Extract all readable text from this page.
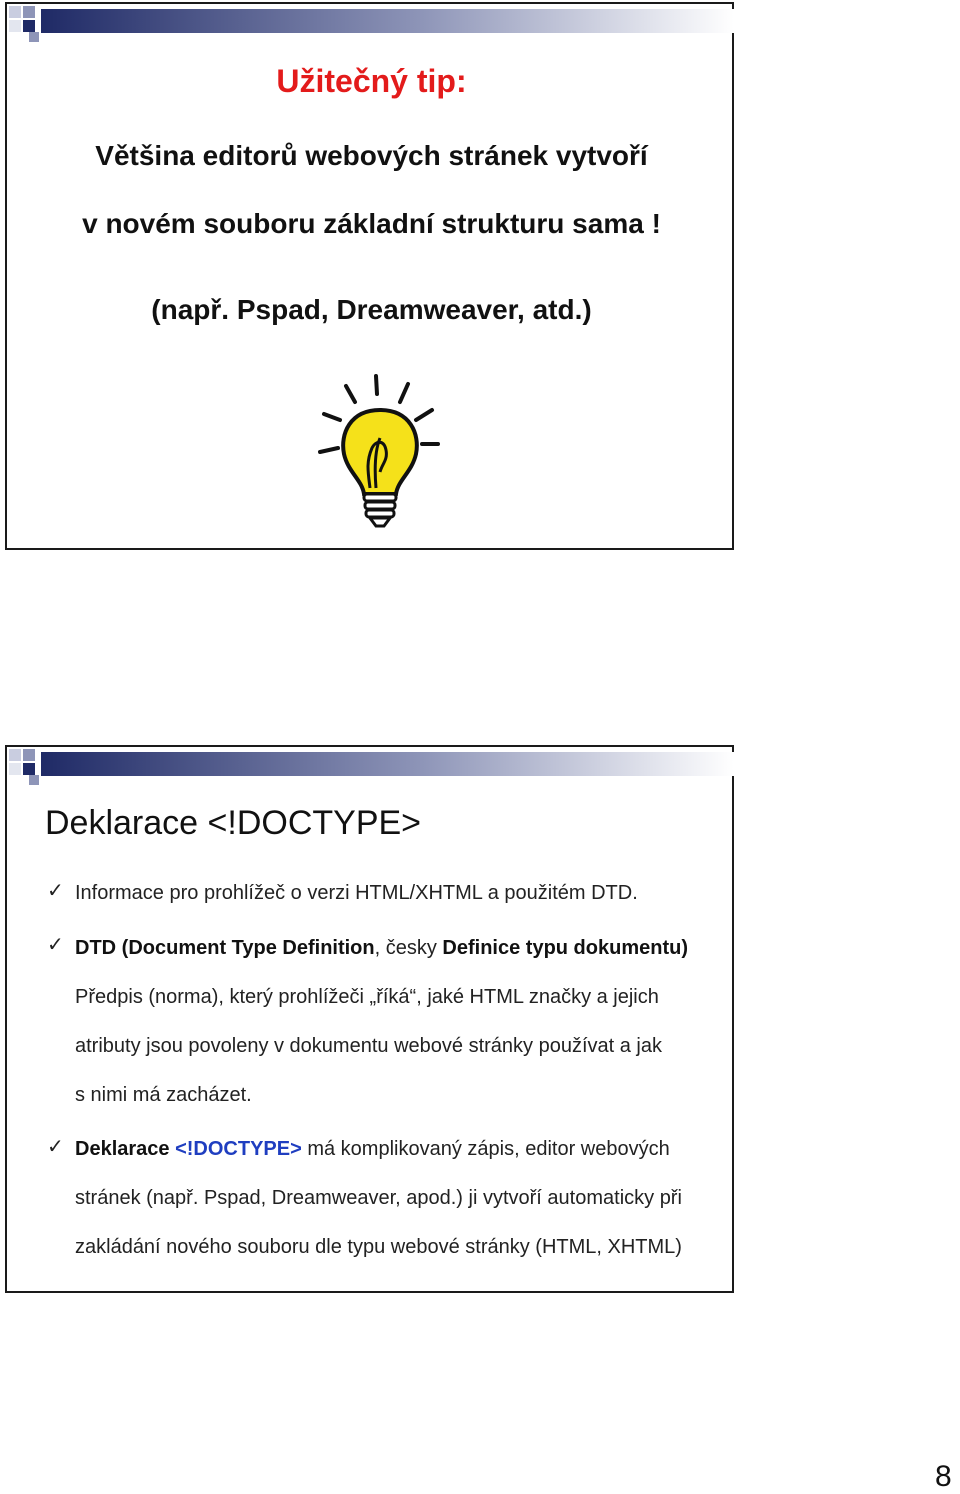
Užitečný tip:
Většina editorů webových stránek vytvoří
v novém souboru základní strukturu sama !
(např. Pspad, Dreamweaver, atd.)
Deklarace <!DOCTYPE>
✓ Informace pro prohlížeč o verzi HTML/XHTML a použitém DTD.
✓ DTD (Document Type Definition, česky Definice typu dokumentu)
Předpis (norma), který prohlížeči „říká“, jaké HTML značky a jejich
atributy jsou povoleny v dokumentu webové stránky používat a jak
s nimi má zacházet.
✓ Deklarace <!DOCTYPE> má komplikovaný zápis, editor webových
stránek (např. Pspad, Dreamweaver, apod.) ji vytvoří automaticky při
zakládání nového souboru dle typu webové stránky (HTML, XHTML)
8
